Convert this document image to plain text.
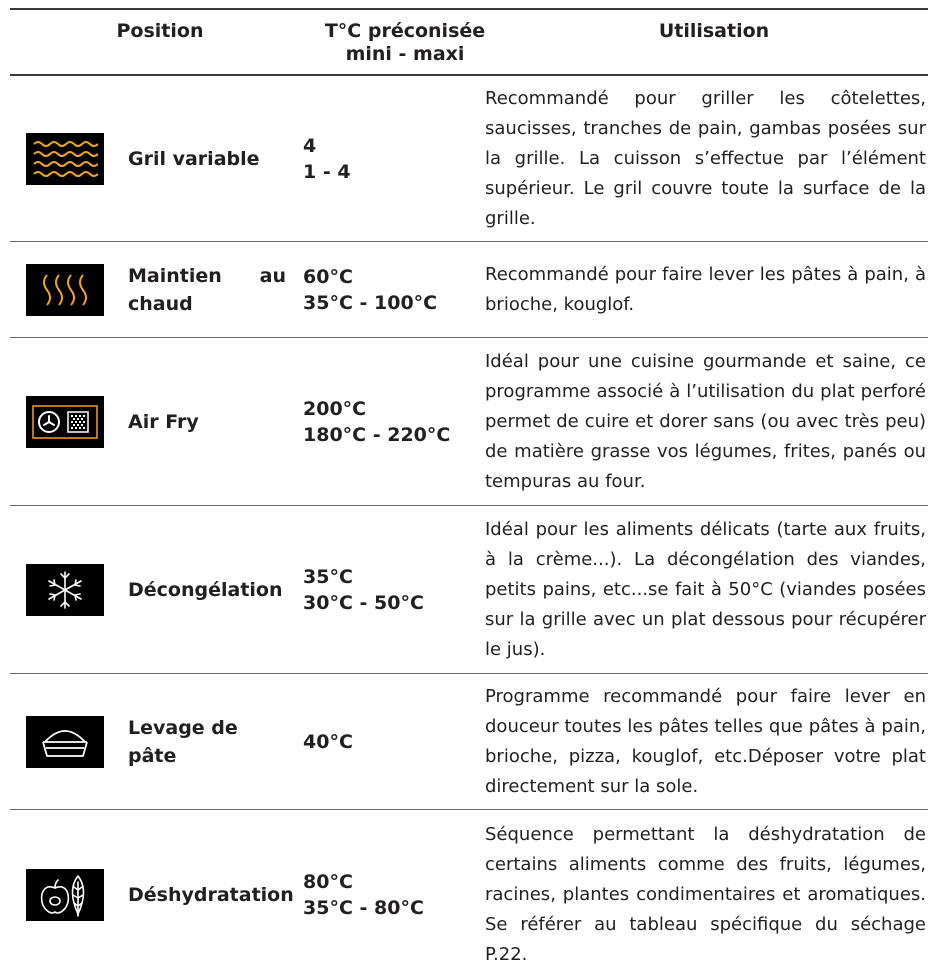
Position	T°C préconisée
mini - maxi
Utilisation
Gril variable
4
1 - 4
Recommandé pour griller les côtelettes, saucisses, tranches de pain, gambas posées sur la grille. La cuisson s’effectue par l’élément supérieur. Le gril couvre toute la surface de la grille.
Maintien au
chaud
60°C
35°C - 100°C
Recommandé pour faire lever les pâtes à pain, à brioche, kouglof.
Air Fry
200°C
180°C - 220°C
Idéal pour une cuisine gourmande et saine, ce programme associé à l’utilisation du plat perforé permet de cuire et dorer sans (ou avec très peu) de matière grasse vos légumes, frites, panés ou tempuras au four.
Décongélation
35°C
30°C - 50°C
Idéal pour les aliments délicats (tarte aux fruits, à la crème...). La décongélation des viandes, petits pains, etc...se fait à 50°C (viandes posées sur la grille avec un plat dessous pour récupérer le jus).
Levage de
pâte
40°C
Programme recommandé pour faire lever en douceur toutes les pâtes telles que pâtes à pain, brioche, pizza, kouglof, etc.Déposer votre plat directement sur la sole.
Déshydratation
80°C
35°C - 80°C
Séquence permettant la déshydratation de certains aliments comme des fruits, légumes, racines, plantes condimentaires et aromatiques. Se référer au tableau spécifique du séchage P.22.
